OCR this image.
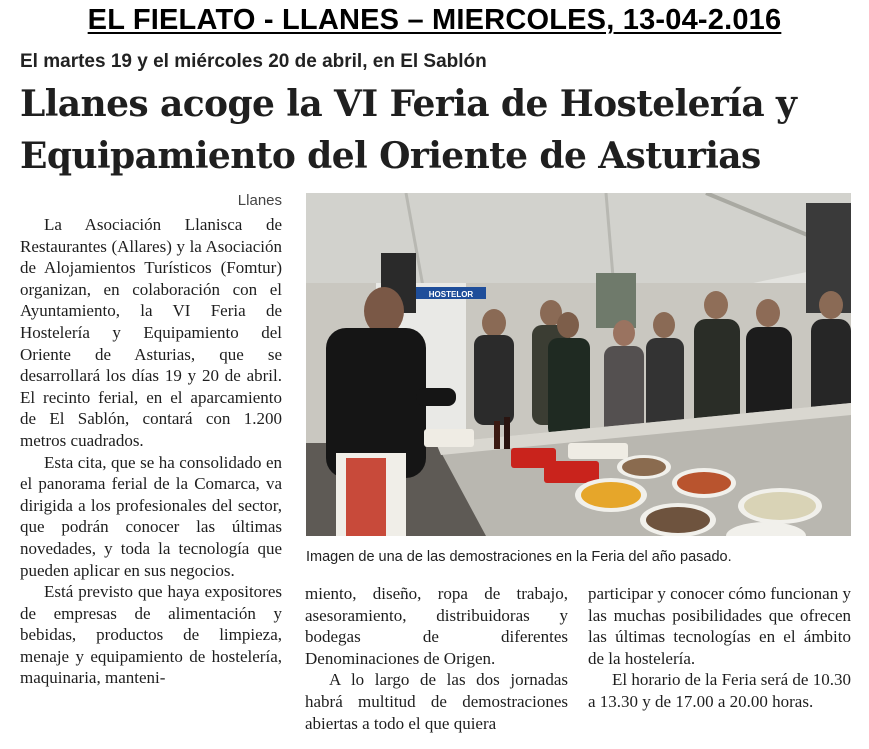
EL FIELATO - LLANES – MIERCOLES, 13-04-2.016
El martes 19 y el miércoles 20 de abril, en El Sablón
Llanes acoge la VI Feria de Hostelería y
Equipamiento del Oriente de Asturias
Llanes

La Asociación Llanisca de Restaurantes (Allares) y la Asociación de Alojamientos Turísticos (Fomtur) organizan, en colaboración con el Ayuntamiento, la VI Feria de Hostelería y Equipamiento del Oriente de Asturias, que se desarrollará los días 19 y 20 de abril. El recinto ferial, en el aparcamiento de El Sablón, contará con 1.200 metros cuadrados.

Esta cita, que se ha consolidado en el panorama ferial de la Comarca, va dirigida a los profesionales del sector, que podrán conocer las últimas novedades, y toda la tecnología que pueden aplicar en sus negocios.

Está previsto que haya expositores de empresas de alimentación y bebidas, productos de limpieza, menaje y equipamiento de hostelería, maquinaria, manteni-

HOSTELOR
Imagen de una de las demostraciones en la Feria del año pasado.

miento, diseño, ropa de trabajo, asesoramiento, distribuidoras y bodegas de diferentes Denominaciones de Origen.

A lo largo de las dos jornadas habrá multitud de demostraciones abiertas a todo el que quiera

participar y conocer cómo funcionan y las muchas posibilidades que ofrecen las últimas tecnologías en el ámbito de la hostelería.

El horario de la Feria será de 10.30 a 13.30 y de 17.00 a 20.00 horas.
